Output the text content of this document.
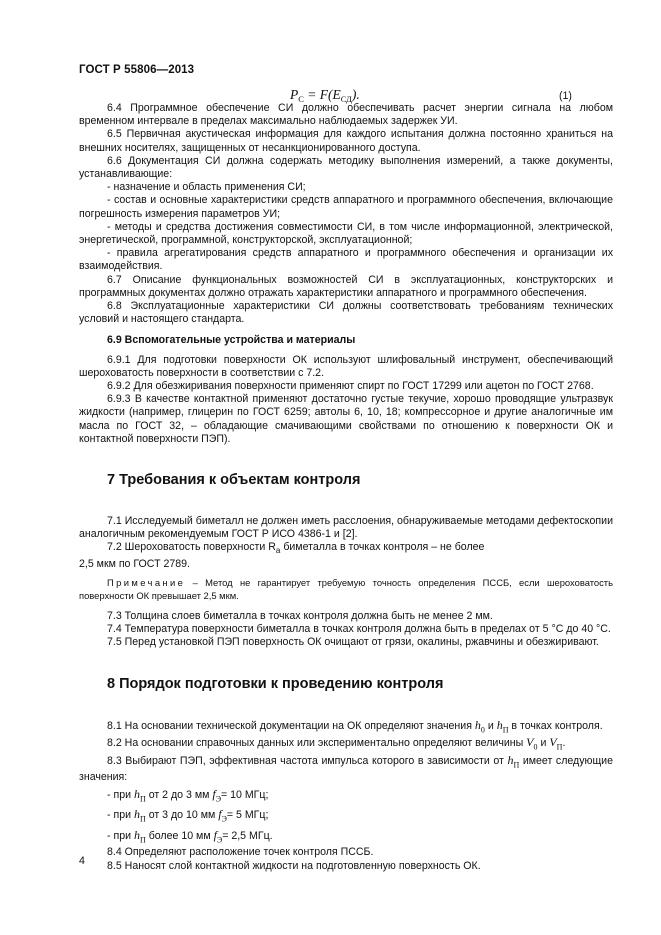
ГОСТ Р 55806—2013
$P_С = F(E_{СД})$.	(1)

6.4 Программное обеспечение СИ должно обеспечивать расчет энергии сигнала на любом временном интервале в пределах максимально наблюдаемых задержек УИ.

6.5 Первичная акустическая информация для каждого испытания должна постоянно храниться на внешних носителях, защищенных от несанкционированного доступа.

6.6 Документация СИ должна содержать методику выполнения измерений, а также документы, устанавливающие:

- назначение и область применения СИ;

- состав и основные характеристики средств аппаратного и программного обеспечения, включающие погрешность измерения параметров УИ;

- методы и средства достижения совместимости СИ, в том числе информационной, электрической, энергетической, программной, конструкторской, эксплуатационной;

- правила агрегатирования средств аппаратного и программного обеспечения и организации их взаимодействия.

6.7 Описание функциональных возможностей СИ в эксплуатационных, конструкторских и программных документах должно отражать характеристики аппаратного и программного обеспечения.

6.8 Эксплуатационные характеристики СИ должны соответствовать требованиям технических условий и настоящего стандарта.

6.9 Вспомогательные устройства и материалы

6.9.1 Для подготовки поверхности ОК используют шлифовальный инструмент, обеспечивающий шероховатость поверхности в соответствии с 7.2.

6.9.2 Для обезжиривания поверхности применяют спирт по ГОСТ 17299 или ацетон по ГОСТ 2768.

6.9.3 В качестве контактной применяют достаточно густые текучие, хорошо проводящие ультразвук жидкости (например, глицерин по ГОСТ 6259; автолы 6, 10, 18; компрессорное и другие аналогичные им масла по ГОСТ 32, – обладающие смачивающими свойствами по отношению к поверхности ОК и контактной поверхности ПЭП).

7 Требования к объектам контроля

7.1 Исследуемый биметалл не должен иметь расслоения, обнаруживаемые методами дефектоскопии аналогичным рекомендуемым ГОСТ Р ИСО 4386-1 и [2].

7.2 Шероховатость поверхности $R_a$ биметалла в точках контроля – не более

2,5 мкм по ГОСТ 2789.

Примечание – Метод не гарантирует требуемую точность определения ПССБ, если шероховатость поверхности ОК превышает 2,5 мкм.

7.3 Толщина слоев биметалла в точках контроля должна быть не менее 2 мм.

7.4 Температура поверхности биметалла в точках контроля должна быть в пределах от 5 °С до 40 °С.

7.5 Перед установкой ПЭП поверхность ОК очищают от грязи, окалины, ржавчины и обезжиривают.

8 Порядок подготовки к проведению контроля

8.1 На основании технической документации на ОК определяют значения $h_0$ и $h_П$ в точках контроля.

8.2 На основании справочных данных или экспериментально определяют величины $V_0$ и $V_П$.

8.3 Выбирают ПЭП, эффективная частота импульса которого в зависимости от $h_П$ имеет следующие значения:

- при $h_П$ от 2 до 3 мм $f_Э= 10$ МГц;

- при $h_П$ от 3 до 10 мм $f_Э= 5$ МГц;

- при $h_П$ более 10 мм $f_Э= 2,5$ МГц.

8.4 Определяют расположение точек контроля ПССБ.

8.5 Наносят слой контактной жидкости на подготовленную поверхность ОК.

4
